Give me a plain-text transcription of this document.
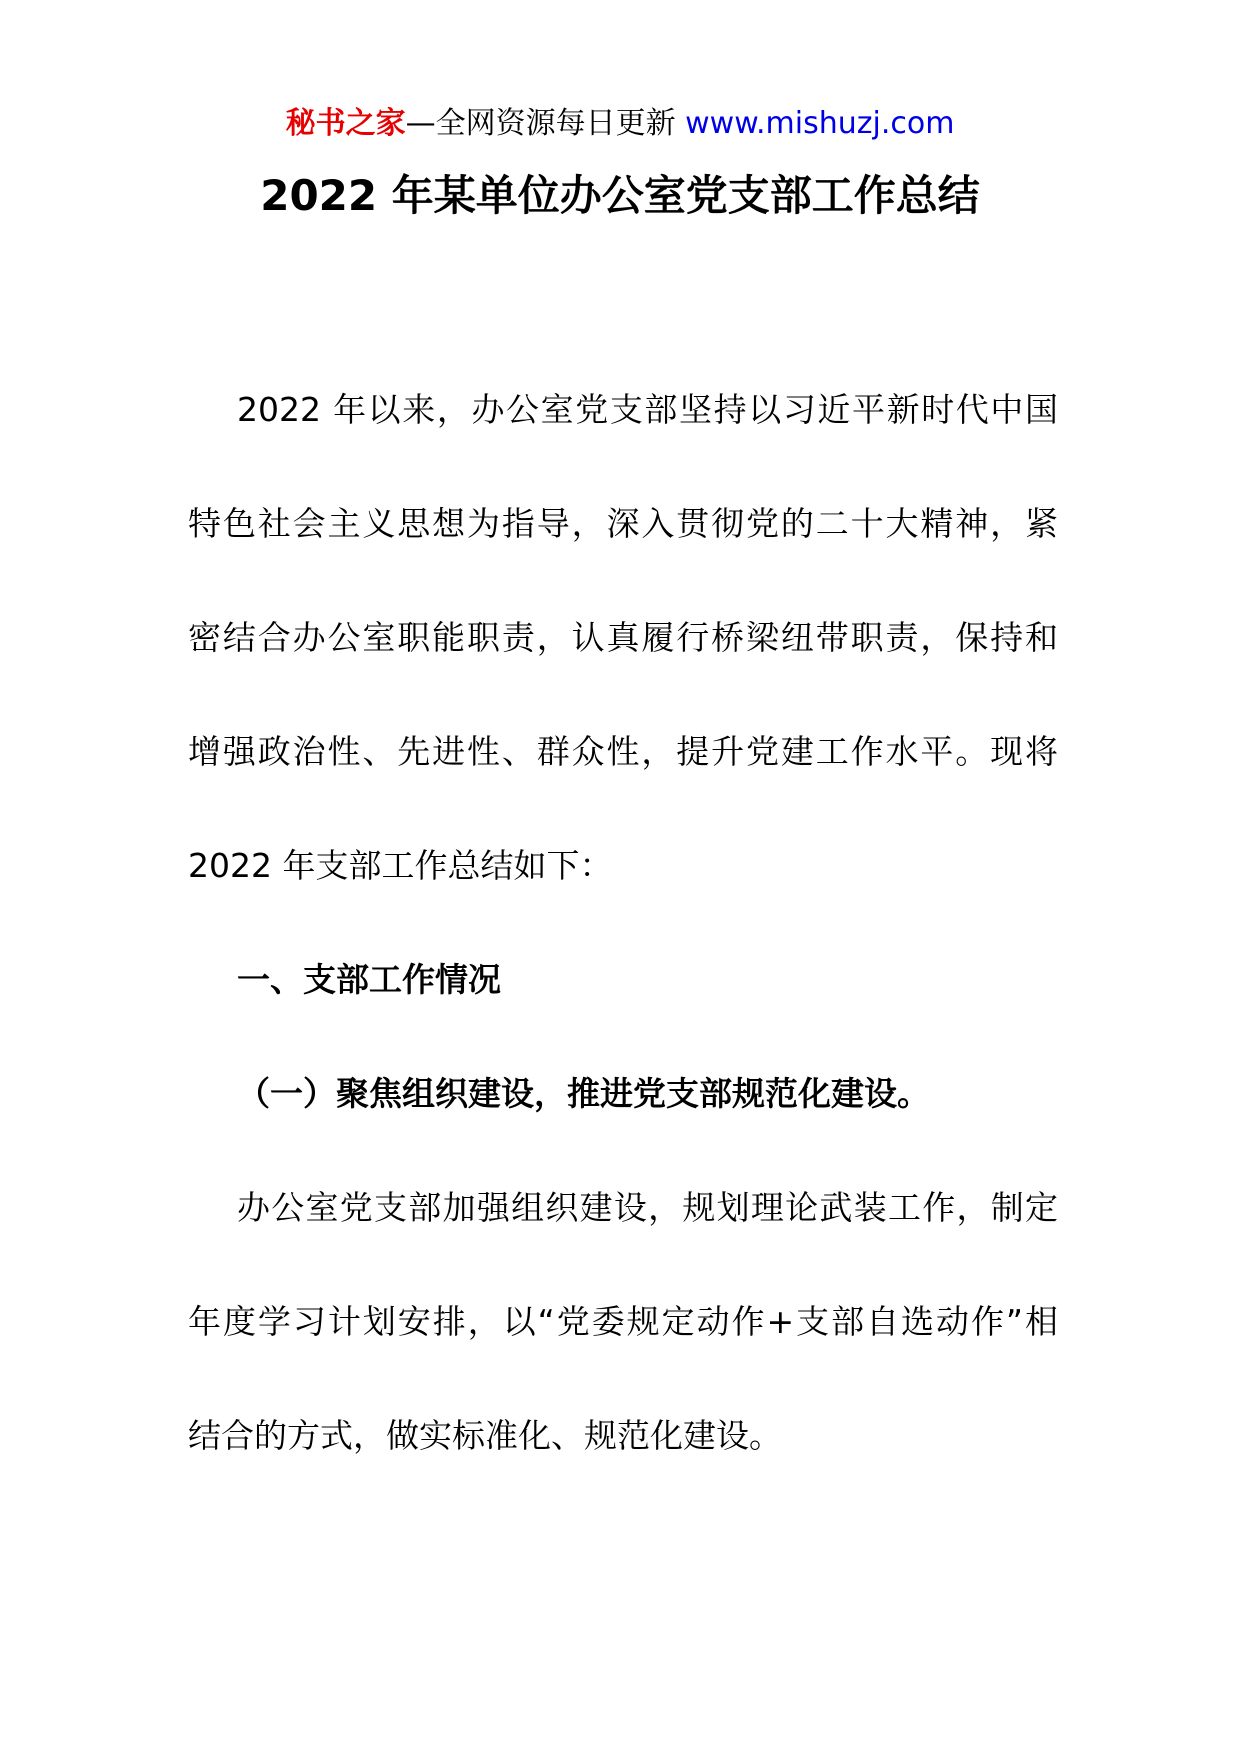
秘书之家—全网资源每日更新 www.mishuzj.com
2022 年某单位办公室党支部工作总结

2022 年以来，办公室党支部坚持以习近平新时代中国

特色社会主义思想为指导，深入贯彻党的二十大精神，紧

密结合办公室职能职责，认真履行桥梁纽带职责，保持和

增强政治性、先进性、群众性，提升党建工作水平。现将

2022 年支部工作总结如下：

一、支部工作情况

（一）聚焦组织建设，推进党支部规范化建设。

办公室党支部加强组织建设，规划理论武装工作，制定

年度学习计划安排，以“党委规定动作+支部自选动作”相

结合的方式，做实标准化、规范化建设。
